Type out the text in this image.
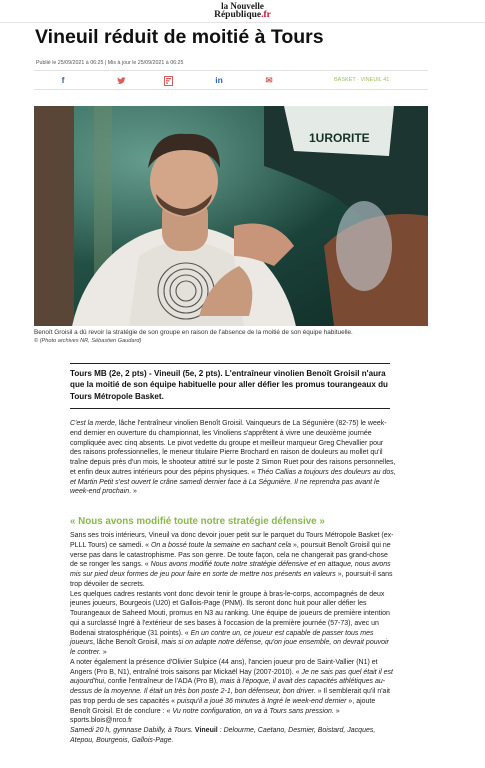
la Nouvelle
République.fr
Vineuil réduit de moitié à Tours
Publié le 25/09/2021 à 06:25 | Mis à jour le 25/09/2021 à 06:25
f	in	✉	BASKET · VINEUIL 41
1URORITE
Benoît Groisil a dû revoir la stratégie de son groupe en raison de l'absence de la moitié de son équipe habituelle.
© (Photo archives NR, Sébastien Gaudard)

Tours MB (2e, 2 pts) - Vineuil (5e, 2 pts). L'entraîneur vinolien Benoît Groisil n'aura que la moitié de son équipe habituelle pour aller défier les promus tourangeaux du Tours Métropole Basket.

C'est la merde, lâche l'entraîneur vinolien Benoît Groisil. Vainqueurs de La Ségunière (82-75) le week-end dernier en ouverture du championnat, les Vinoliens s'apprêtent à vivre une deuxième journée compliquée avec cinq absents. Le pivot vedette du groupe et meilleur marqueur Greg Chevallier pour des raisons professionnelles, le meneur titulaire Pierre Brochard en raison de douleurs au mollet qu'il traîne depuis près d'un mois, le shooteur attitré sur le poste 2 Simon Ruet pour des raisons personnelles, et enfin deux autres intérieurs pour des pépins physiques. « Théo Callias a toujours des douleurs au dos, et Martin Petit s'est ouvert le crâne samedi dernier face à La Ségunière. Il ne reprendra pas avant le week-end prochain. »
« Nous avons modifié toute notre stratégie défensive »
Sans ses trois intérieurs, Vineuil va donc devoir jouer petit sur le parquet du Tours Métropole Basket (ex-PLLL Tours) ce samedi. « On a bossé toute la semaine en sachant cela », poursuit Benoît Groisil qui ne verse pas dans le catastrophisme. Pas son genre. De toute façon, cela ne changerait pas grand-chose de se ronger les sangs. « Nous avons modifié toute notre stratégie défensive et en attaque, nous avons mis sur pied deux formes de jeu pour faire en sorte de mettre nos présents en valeurs », poursuit-il sans trop dévoiler de secrets.
Les quelques cadres restants vont donc devoir tenir le groupe à bras-le-corps, accompagnés de deux jeunes joueurs, Bourgeois (U20) et Gallois-Page (PNM). Ils seront donc huit pour aller défier les Tourangeaux de Saheed Mouti, promus en N3 au ranking. Une équipe de joueurs de première intention qui a surclassé Ingré à l'extérieur de ses bases à l'occasion de la première journée (57-73), avec un Bodenai stratosphérique (31 points). « En un contre un, ce joueur est capable de passer tous mes joueurs, lâche Benoît Groisil, mais si on adapte notre défense, qu'on joue ensemble, on devrait pouvoir le contrer. »
A noter également la présence d'Olivier Sulpice (44 ans), l'ancien joueur pro de Saint-Vallier (N1) et Angers (Pro B, N1), entraîné trois saisons par Mickaël Hay (2007-2010). « Je ne sais pas quel était il est aujourd'hui, confie l'entraîneur de l'ADA (Pro B), mais à l'époque, il avait des capacités athlétiques au-dessus de la moyenne. Il était un très bon poste 2-1, bon défenseur, bon driver. » Il semblerait qu'il n'ait pas trop perdu de ses capacités « puisqu'il a joué 36 minutes à Ingré le week-end dernier », ajoute Benoît Groisil. Et de conclure : « Vu notre configuration, on va à Tours sans pression. »
sports.blois@nrco.fr
Samedi 20 h, gymnase Dabilly, à Tours. Vineuil : Delourme, Caetano, Desmier, Boistard, Jacques, Atepou, Bourgeois, Gallois-Page.
